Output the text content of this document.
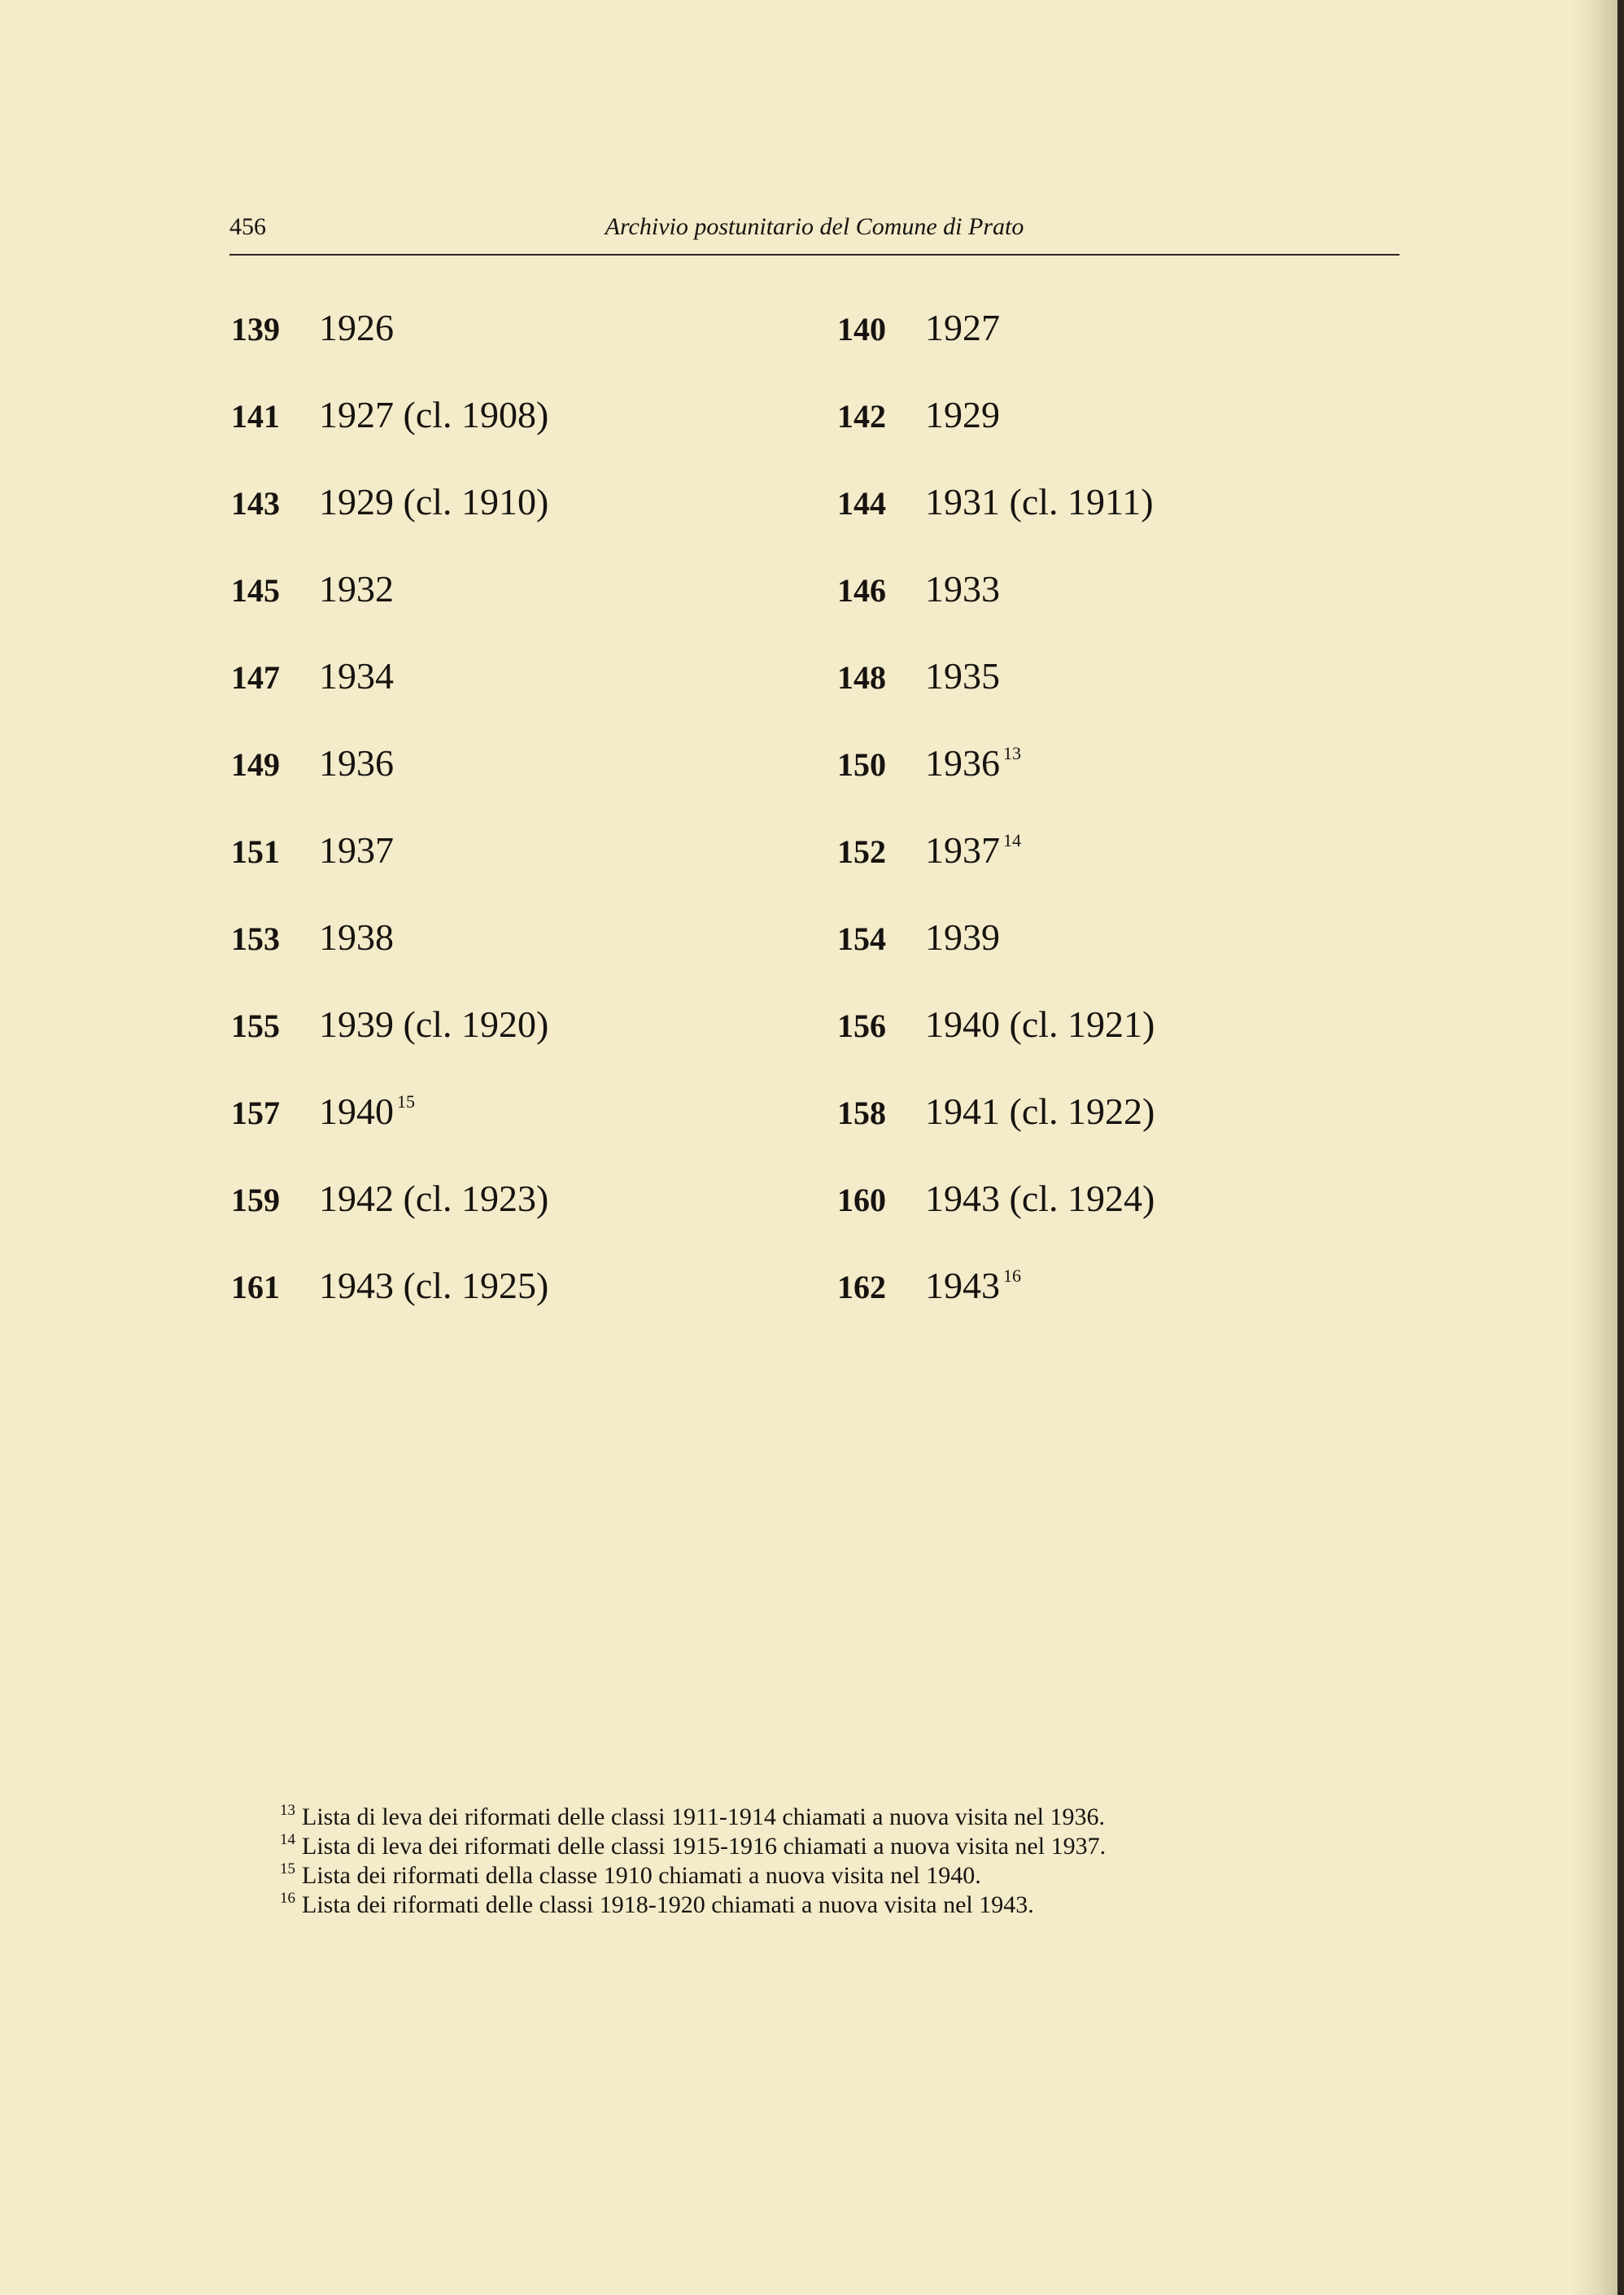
456	Archivio postunitario del Comune di Prato
139 1926	140 1927
141 1927 (cl. 1908)	142 1929
143 1929 (cl. 1910)	144 1931 (cl. 1911)
145 1932	146 1933
147 1934	148 1935
149 1936	150 1936 $^{13}$
151 1937	152 1937 $^{14}$
153 1938	154 1939
155 1939 (cl. 1920)	156 1940 (cl. 1921)
157 1940 $^{15}$	158 1941 (cl. 1922)
159 1942 (cl. 1923)	160 1943 (cl. 1924)
161 1943 (cl. 1925)	162 1943 $^{16}$
$^{13}$ Lista di leva dei riformati delle classi 1911-1914 chiamati a nuova visita nel 1936.
$^{14}$ Lista di leva dei riformati delle classi 1915-1916 chiamati a nuova visita nel 1937.
$^{15}$ Lista dei riformati della classe 1910 chiamati a nuova visita nel 1940.
$^{16}$ Lista dei riformati delle classi 1918-1920 chiamati a nuova visita nel 1943.
